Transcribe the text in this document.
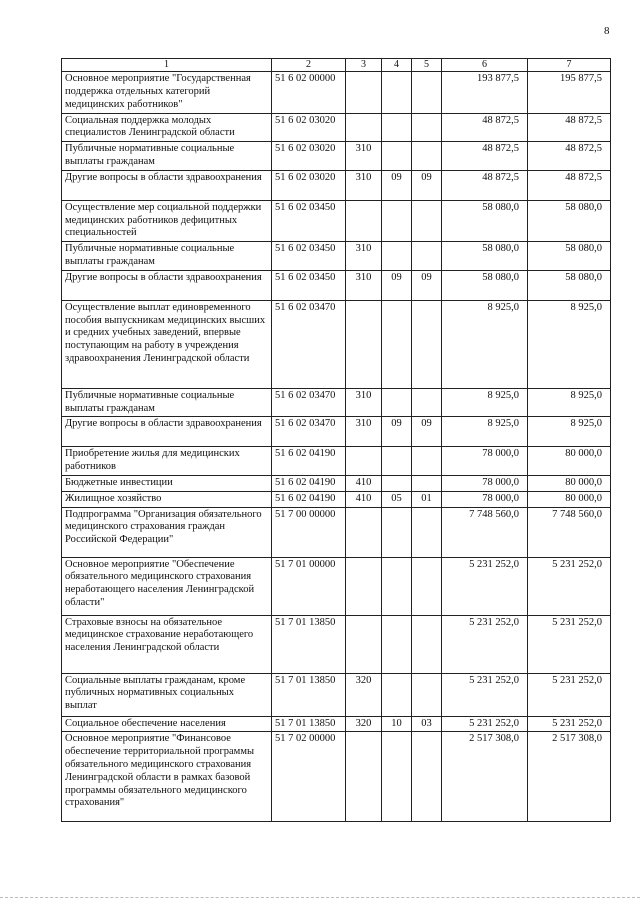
8
1	2	3	4	5	6	7
Основное мероприятие "Государственная поддержка отдельных категорий медицинских работников"	51 6 02 00000				193 877,5	195 877,5
Социальная поддержка молодых специалистов Ленинградской области	51 6 02 03020				48 872,5	48 872,5
Публичные нормативные социальные выплаты гражданам	51 6 02 03020	310			48 872,5	48 872,5
Другие вопросы в области здравоохранения	51 6 02 03020	310	09	09	48 872,5	48 872,5
Осуществление мер социальной поддержки медицинских работников дефицитных специальностей	51 6 02 03450				58 080,0	58 080,0
Публичные нормативные социальные выплаты гражданам	51 6 02 03450	310			58 080,0	58 080,0
Другие вопросы в области здравоохранения	51 6 02 03450	310	09	09	58 080,0	58 080,0
Осуществление выплат единовременного пособия выпускникам медицинских высших и средних учебных заведений, впервые поступающим на работу в учреждения здравоохранения Ленинградской области	51 6 02 03470				8 925,0	8 925,0
Публичные нормативные социальные выплаты гражданам	51 6 02 03470	310			8 925,0	8 925,0
Другие вопросы в области здравоохранения	51 6 02 03470	310	09	09	8 925,0	8 925,0
Приобретение жилья для медицинских работников	51 6 02 04190				78 000,0	80 000,0
Бюджетные инвестиции	51 6 02 04190	410			78 000,0	80 000,0
Жилищное хозяйство	51 6 02 04190	410	05	01	78 000,0	80 000,0
Подпрограмма "Организация обязательного медицинского страхования граждан Российской Федерации"	51 7 00 00000				7 748 560,0	7 748 560,0
Основное мероприятие "Обеспечение обязательного медицинского страхования неработающего населения Ленинградской области"	51 7 01 00000				5 231 252,0	5 231 252,0
Страховые взносы на обязательное медицинское страхование неработающего населения Ленинградской области	51 7 01 13850				5 231 252,0	5 231 252,0
Социальные выплаты гражданам, кроме публичных нормативных социальных выплат	51 7 01 13850	320			5 231 252,0	5 231 252,0
Социальное обеспечение населения	51 7 01 13850	320	10	03	5 231 252,0	5 231 252,0
Основное мероприятие "Финансовое обеспечение территориальной программы обязательного медицинского страхования Ленинградской области в рамках базовой программы обязательного медицинского страхования"	51 7 02 00000				2 517 308,0	2 517 308,0
